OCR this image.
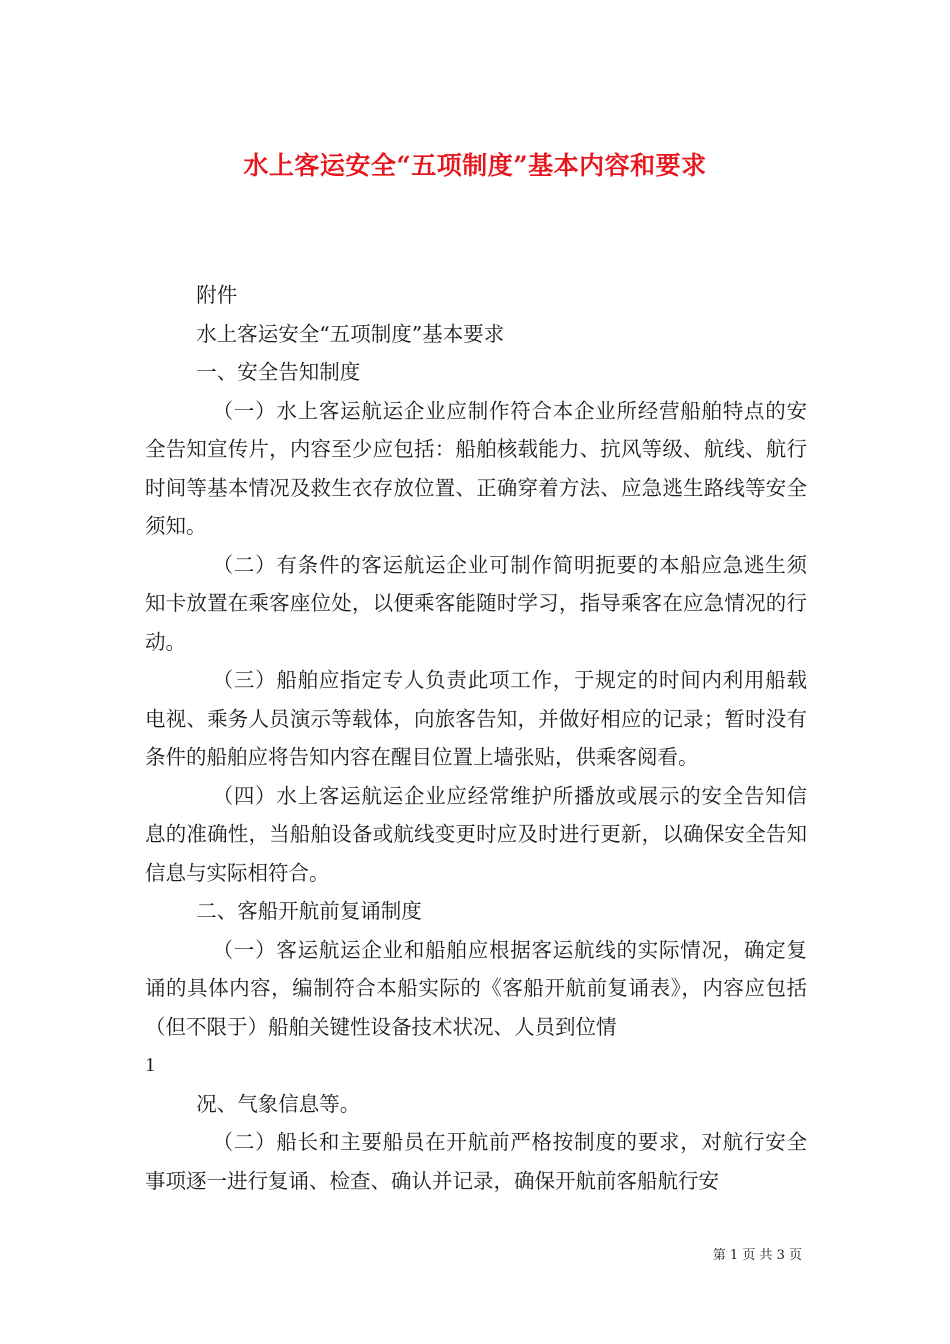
水上客运安全“五项制度”基本内容和要求

附件

水上客运安全“五项制度”基本要求

一、安全告知制度

（一）水上客运航运企业应制作符合本企业所经营船舶特点的安全告知宣传片，内容至少应包括：船舶核载能力、抗风等级、航线、航行时间等基本情况及救生衣存放位置、正确穿着方法、应急逃生路线等安全须知。

（二）有条件的客运航运企业可制作简明扼要的本船应急逃生须知卡放置在乘客座位处，以便乘客能随时学习，指导乘客在应急情况的行动。

（三）船舶应指定专人负责此项工作，于规定的时间内利用船载电视、乘务人员演示等载体，向旅客告知，并做好相应的记录；暂时没有条件的船舶应将告知内容在醒目位置上墙张贴，供乘客阅看。

（四）水上客运航运企业应经常维护所播放或展示的安全告知信息的准确性，当船舶设备或航线变更时应及时进行更新，以确保安全告知信息与实际相符合。

二、客船开航前复诵制度

（一）客运航运企业和船舶应根据客运航线的实际情况，确定复诵的具体内容，编制符合本船实际的《客船开航前复诵表》，内容应包括（但不限于）船舶关键性设备技术状况、人员到位情

1

况、气象信息等。

（二）船长和主要船员在开航前严格按制度的要求，对航行安全事项逐一进行复诵、检查、确认并记录，确保开航前客船航行安

第 1 页 共 3 页
